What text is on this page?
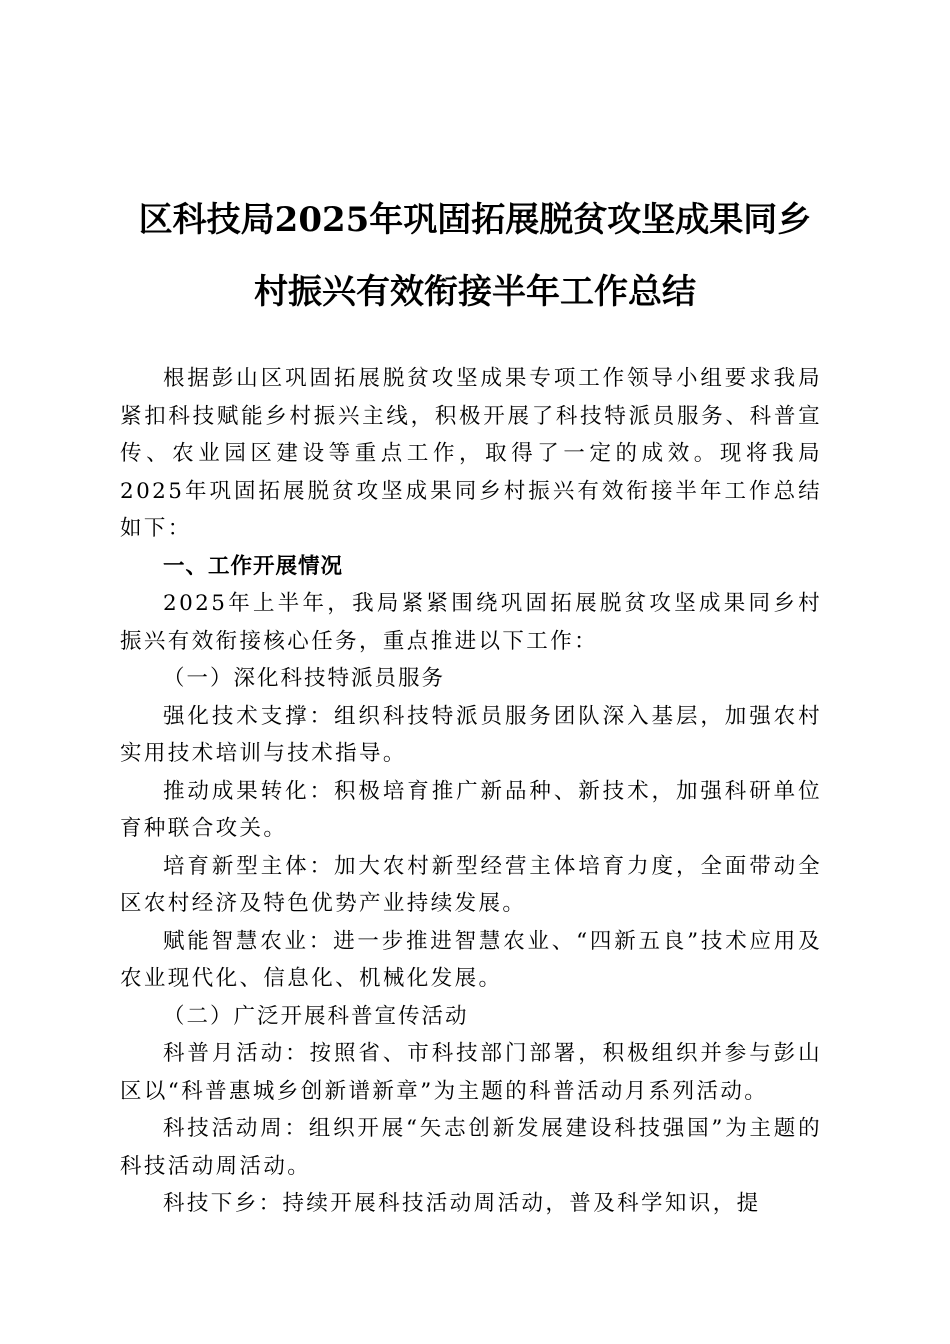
区科技局2025年巩固拓展脱贫攻坚成果同乡
村振兴有效衔接半年工作总结

根据彭山区巩固拓展脱贫攻坚成果专项工作领导小组要求我局紧扣科技赋能乡村振兴主线，积极开展了科技特派员服务、科普宣传、农业园区建设等重点工作，取得了一定的成效。现将我局2025年巩固拓展脱贫攻坚成果同乡村振兴有效衔接半年工作总结如下：

一、工作开展情况

2025年上半年，我局紧紧围绕巩固拓展脱贫攻坚成果同乡村振兴有效衔接核心任务，重点推进以下工作：

（一）深化科技特派员服务

强化技术支撑：组织科技特派员服务团队深入基层，加强农村实用技术培训与技术指导。

推动成果转化：积极培育推广新品种、新技术，加强科研单位育种联合攻关。

培育新型主体：加大农村新型经营主体培育力度，全面带动全区农村经济及特色优势产业持续发展。

赋能智慧农业：进一步推进智慧农业、“四新五良”技术应用及农业现代化、信息化、机械化发展。

（二）广泛开展科普宣传活动

科普月活动：按照省、市科技部门部署，积极组织并参与彭山区以“科普惠城乡创新谱新章”为主题的科普活动月系列活动。

科技活动周：组织开展“矢志创新发展建设科技强国”为主题的科技活动周活动。

科技下乡：持续开展科技活动周活动，普及科学知识，提
